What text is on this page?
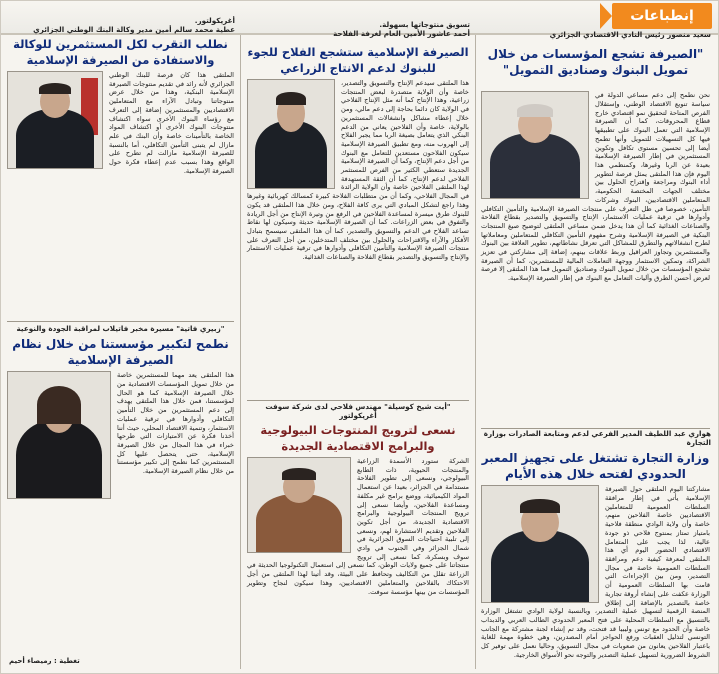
إنطباعات
سعيد منصور رئيس النادي الاقتصادي الجزائري
"الصيرفة تشجع المؤسسات من خلال تمويل البنوك وصناديق التمويل"
نحن نطمح إلى دعم مساعي الدولة في سياسة تنويع الاقتصاد الوطني، وإستقلال الفرص المتاحة لتحقيق نمو اقتصادي خارج قطاع المحروقات، كما أن الصيرفة الإسلامية التي تعمل البنوك على تطبيقها فيها كل التسهيلات للتمويل وأنها تطمح أيضا إلى تحسين مستوى تكافل وتكوين المستثمرين في إطار الصيرفة الإسلامية بعيدة عن الربا وغيرها، وكمنظمي هذا اليوم فإن هذا الملتقى يمثل فرصة لتطوير أداء البنوك ومراجعة وإقتراح الحلول بين مختلف الجهات المختصة الحكومية، المتعاملين الاقتصاديين، البنوك وشركات التأمين، خصوصا في ظل التعرف على منتجات الصيرفة الإسلامية والتأمين التكافلي وأدوارها في ترقية عمليات الاستثمار، الإنتاج والتسويق والتصدير بقطاع الفلاحة والصناعات الغذائية كما أن هذا يدخل ضمن مساعي الملتقى لتوضيح صيغ المنتجات البنكية في الصيرفة الإسلامية وشرح مفهوم التأمين التكافلي للمتعاملين ومعاملاتها لطرح انشغالاتهم والتطرق للمشاكل التي تعرقل نشاطاتهم، تطوير العلاقة بين البنوك والمستثمرين وتجاوز العراقيل وربط علاقات بينهم، إضافة إلى مشاركتي في تعزيز الشراكة، وتمكين الاستثمار ووجهة التعاملات المالية للمستثمرين، كما أن الصيرفة تشجع المؤسسات من خلال تمويل البنوك وصناديق التمويل فما هذا الملتقى إلا فرصة لعرض أحسن الطرق وآليات التعامل مع البنوك في إطار الصيرفة الإسلامية.
هواري عبد اللطيف المدير الفرعي لدعم ومتابعة الصادرات بوزارة التجارة
وزارة التجارة تشتغل على تجهيز المعبر الحدودي لفتحه خلال هذه الأيام
مشاركتنا اليوم الملتقى حول الصيرفة الإسلامية يأتي في إطار مرافقة السلطات العمومية للمتعاملين الاقتصاديين خاصة الفلاحين منهم، خاصة وأن ولاية الوادي منطقة فلاحية بامتياز تمتاز بمنتوج فلاحي ذو جودة عالية، لذا يجب على المتعامل الاقتصادي الحضور اليوم أي هذا الملتقى لمعرفة كيفية دعم ومرافقة السلطات العمومية خاصة في مجال التصدير، ومن بين الإجراءات التي قامت بها السلطات العمومية أن الوزارة عكفت على إنشاء أروقة تجارية خاصة بالتصدير بالإضافة إلى إطلاق المنصة الرقمية لتسهيل عملية التصدير، وبالنسبة لولاية الوادي تشتغل الوزارة بالتنسيق مع السلطات المحلية على فتح المعبر الحدودي الطالب العربي والدبداب خاصة وأن الحدود مع تونس وليبيا قد فتحت، وقد تم إنشاء لجنة مشتركة مع الجانب التونسي لتذليل العقبات ورفع الحواجز أمام المصدرين، وهي خطوة مهمة للغاية باعتبار الفلاحين يعانون من صعوبات في مجال التسويق، وحاليا نعمل على توفير كل الشروط الضرورية لتسهيل عملية التصدير والتوجه نحو الأسواق الخارجية.
تسويق منتوجاتها بسهولة.
أحمد عاشور الأمين العام لغرفة الفلاحة
الصيرفة الإسلامية ستشجع الفلاح للجوء للبنوك لدعم الانتاج الزراعي
هذا الملتقى سيدعم الإنتاج والتسويق والتصدير، خاصة وأن الولاية متصدرة لبعض المنتجات زراعية، وهذا الإنتاج كما أنه مثل الإنتاج الفلاحي في الولاية كان دائما بحاجة إلى دعم مالي، ومن خلال إعطاء مشاكل وانشغالات المستثمرين بالولاية، خاصة وأن الفلاحين يعاني من الدعم البنكي الذي يتعامل بصيغة الربا مما يجبر الفلاح إلى الهروب منه، ومع تطبيق الصيرفة الإسلامية سيكون الفلاحون مستعدين للتعامل مع البنوك من أجل دعم الإنتاج، وكما أن الصيرفة الإسلامية الجديدة ستعطي الكثير من الفرص للمستثمر الفلاحي لدعم الإنتاج، كما أن الثقة المستهدفة لهذا الملتقى الفلاحين خاصة وأن الولاية الرائدة في المجال الفلاحي، وكما أن من متطلبات الفلاحة كبيرة كمسالك كهربائية وغيرها وهذا راجع لتشكل المبادي التي يرى كافة الفلاح، ومن خلال هذا الملتقى قد يكون للبنوك طرق ميسرة لمساعدة الفلاحين في الرفع من وتيرة الإنتاج من أجل الريادة والتفوق في بعض الزراعات. كما أن الصيرفة الإسلامية حديثة وسيكون لها نقاط تساعد الفلاح في الدعم والتسويق والتصدير، كما أن هذا الملتقى سيسمح بتبادل الأفكار والآراء والاقتراحات والحلول بين مختلف المتدخلين، من أجل التعرف على منتجات الصيرفة الإسلامية والتأمين التكافلي وأدوارها في ترقية عمليات الاستثمار والإنتاج والتسويق والتصدير بقطاع الفلاحة والصناعات الغذائية.
"أيت شيخ كوسيلة" مهندس فلاحي لدى شركة سوفت أغريكولتور
نسعى لترويج المنتوجات البيولوجية والبرامج الاقتصادية الجديدة
الشركة ستورد الأسمدة الزراعية والمنتجات الحيوية، ذات الطابع البيولوجي، ونسعى إلى تطوير الفلاحة مستدامة في الجزائر، بعيدا عن استعمال المواد الكيميائية، ووضع برامج غير مكلفة ومساعدة الفلاحين، وأيضا نسعى إلى ترويج المنتجات البيولوجية والبرامج الاقتصادية الجديدة، من أجل تكوين الفلاحين وتقديم الاستشارة لهم، ونسعى إلى تلبية احتياجات السوق الجزائرية في شمال الجزائر وفي الجنوب في وادي سوف وبسكرة، كما نسعى إلى ترويج منتجاتنا على جميع ولايات الوطن، كما نسعى إلى استعمال التكنولوجيا الحديثة في الزراعة تقلل من التكاليف وتحافظ على البيئة، وقد أتينا لهذا الملتقى من أجل الاحتكاك بالفلاحين والمتعاملين الاقتصاديين، وهذا سيكون لنجاح وتطوير المؤسسات من بينها مؤسسة سوفت.
أغريكولتور.
عطية محمد سالم أمين مدير وكالة البنك الوطني الجزائري
نطلب التقرب لكل المستثمرين للوكالة والاستفادة من الصيرفة الإسلامية
الملتقى هذا كان فرصة للبنك الوطني الجزائري لأنه رائد في تقديم منتوجات الصيرفة الإسلامية البنكية، وهذا من خلال عرض منتوجاتنا وتبادل الآراء مع المتعاملين الاقتصاديين والمستثمرين إضافة إلى التعرف مع رؤساء البنوك الأخرى سواء اكتشاف منتوجات البنوك الأخرى أو اكتشاف المواد الخاصة بالتأمينات خاصة وأن البنك في علم مازال لم يتبنى التأمين التكافلي، أما بالنسبة للصيرفة الإسلامية مازالت لم تطرح على الواقع وهذا بسبب عدم إعطاء فكرة حول الصيرفة الإسلامية.
"زبيري فاتية" مسيرة مخبر فاتيلاب لمراقبة الجودة والنوعية
نطمح لتكبير مؤسستنا من خلال نظام الصيرفة الإسلامية
هذا الملتقى يعد مهما للمستثمرين خاصة من خلال تمويل المؤسسات الاقتصادية من خلال الصيرفة الإسلامية كما هو الحال لمؤسستنا، فمن خلال هذا الملتقى يهدف إلى دعم المستثمرين من خلال التأمين التكافلي وأدوارها في ترقية عمليات الاستثمار، وتنمية الاقتصاد المحلي، حيث أننا أخذنا فكرة عن الامتيازات التي طرحها خبراء في هذا المجال من خلال الصيرفة الإسلامية، حتى يتحصل عليها كل المستثمرين كما نطمح إلى تكبير مؤسستنا من خلال نظام الصيرفة الإسلامية.
تغطية : رميصاء أحيم
